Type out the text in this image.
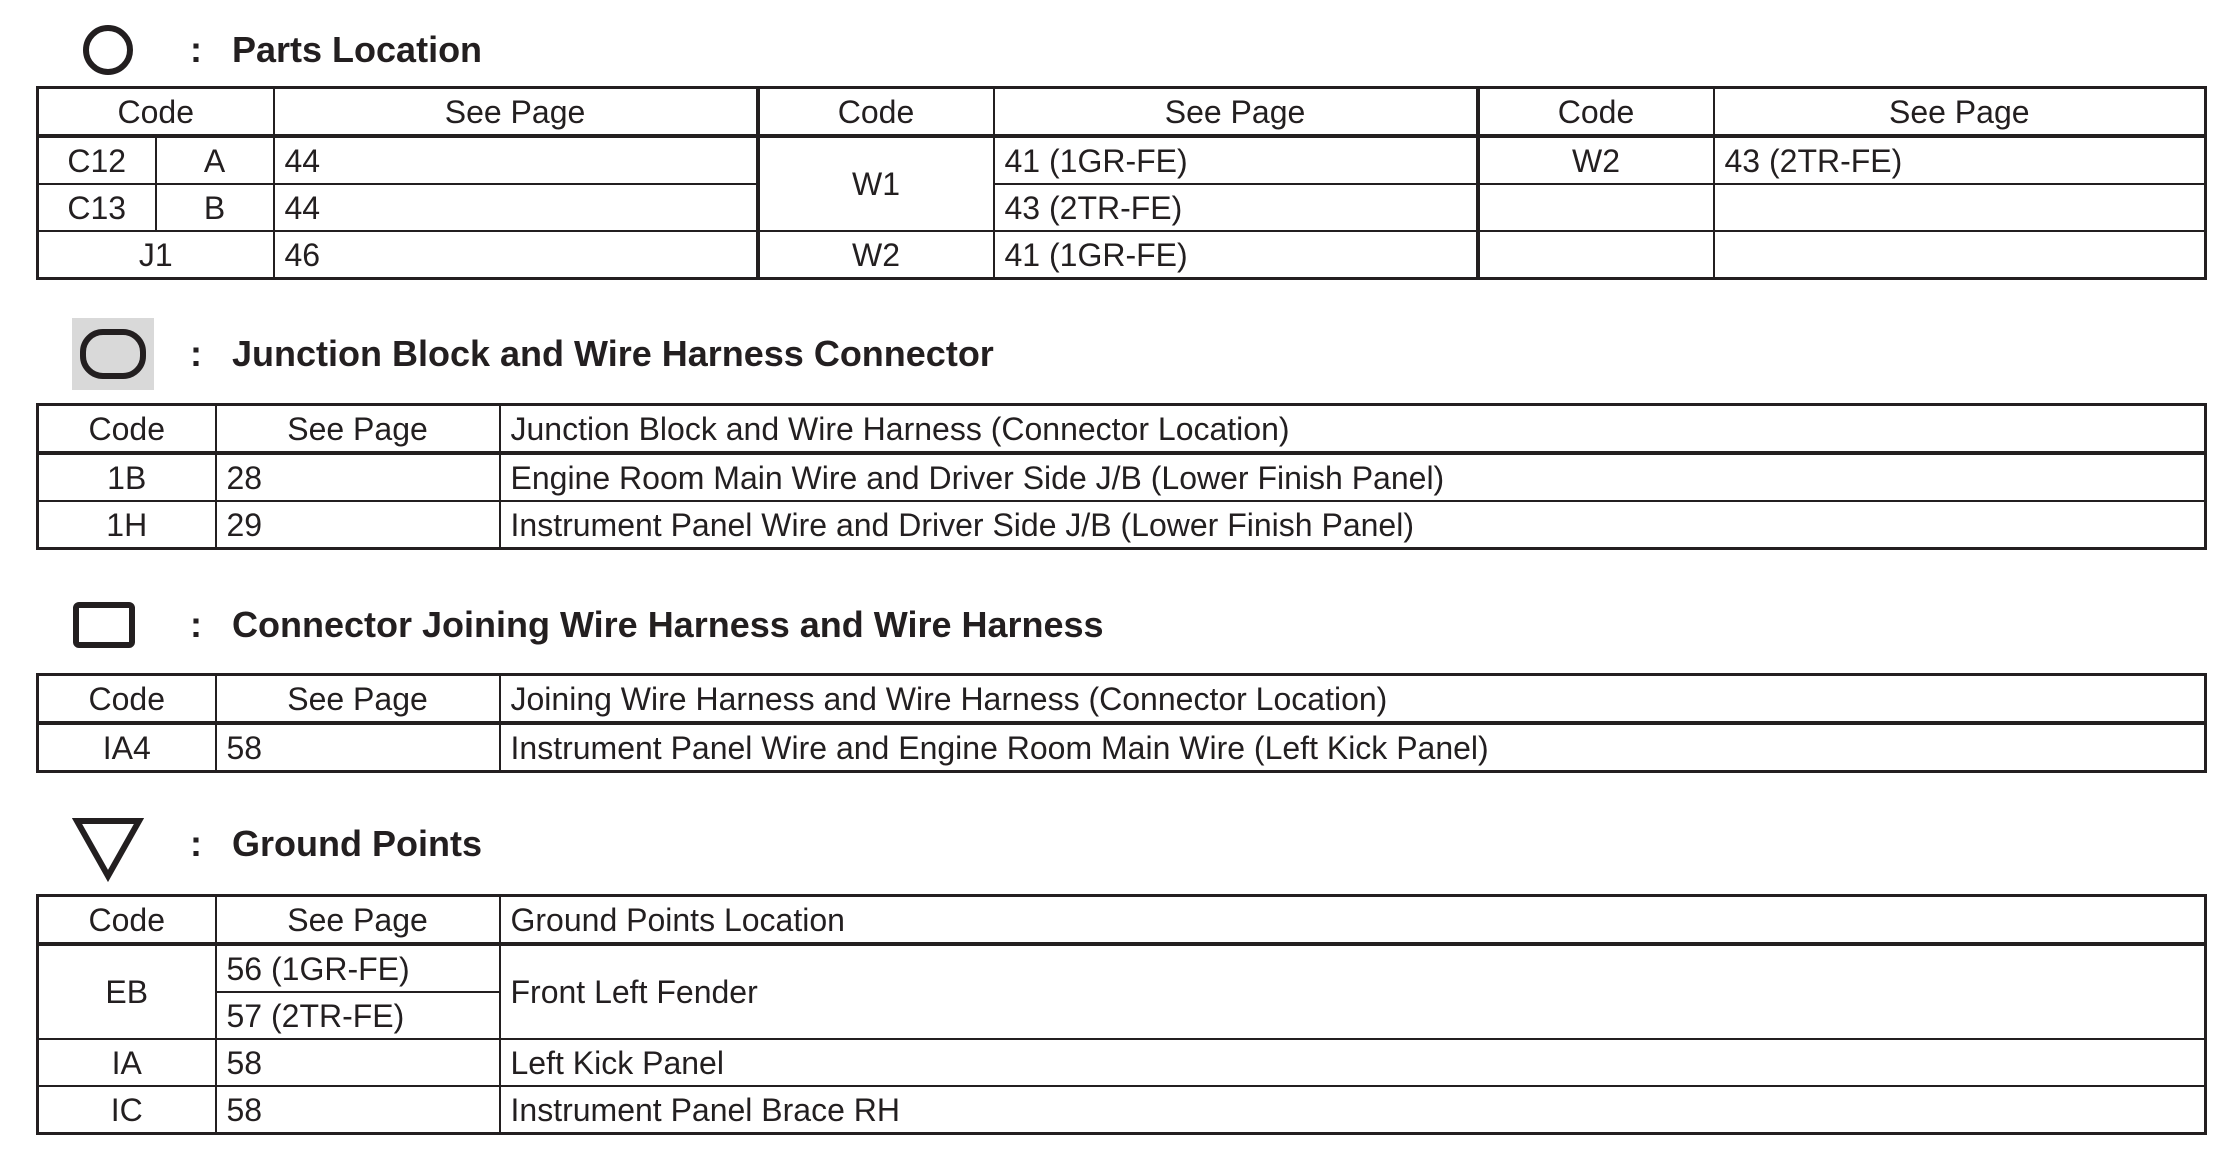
: Parts Location
Code		See Page	Code	See Page	Code	See Page
C12	A	44	W1	41 (1GR-FE)	W2	43 (2TR-FE)
C13	B	44		43 (2TR-FE)		
J1		46	W2	41 (1GR-FE)		
: Junction Block and Wire Harness Connector
Code	See Page	Junction Block and Wire Harness (Connector Location)
1B	28	Engine Room Main Wire and Driver Side J/B (Lower Finish Panel)
1H	29	Instrument Panel Wire and Driver Side J/B (Lower Finish Panel)
: Connector Joining Wire Harness and Wire Harness
Code	See Page	Joining Wire Harness and Wire Harness (Connector Location)
IA4	58	Instrument Panel Wire and Engine Room Main Wire (Left Kick Panel)
: Ground Points
Code	See Page	Ground Points Location
EB	56 (1GR-FE)	Front Left Fender
	57 (2TR-FE)	
IA	58	Left Kick Panel
IC	58	Instrument Panel Brace RH
